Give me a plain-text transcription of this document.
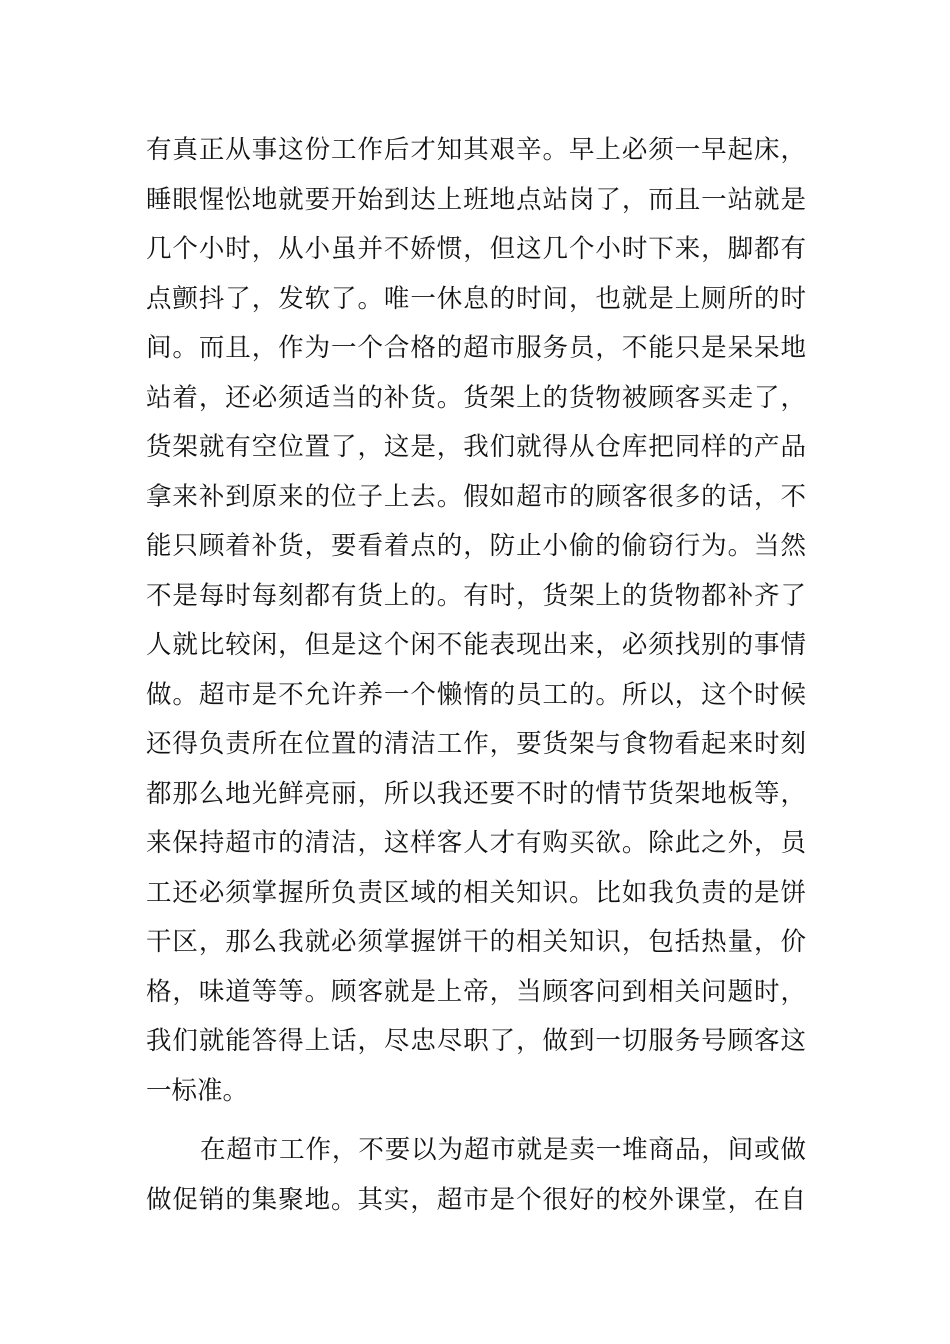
有真正从事这份工作后才知其艰辛。早上必须一早起床，
睡眼惺忪地就要开始到达上班地点站岗了，而且一站就是
几个小时，从小虽并不娇惯，但这几个小时下来，脚都有
点颤抖了，发软了。唯一休息的时间，也就是上厕所的时
间。而且，作为一个合格的超市服务员，不能只是呆呆地
站着，还必须适当的补货。货架上的货物被顾客买走了，
货架就有空位置了，这是，我们就得从仓库把同样的产品
拿来补到原来的位子上去。假如超市的顾客很多的话，不
能只顾着补货，要看着点的，防止小偷的偷窃行为。当然
不是每时每刻都有货上的。有时，货架上的货物都补齐了
人就比较闲，但是这个闲不能表现出来，必须找别的事情
做。超市是不允许养一个懒惰的员工的。所以，这个时候
还得负责所在位置的清洁工作，要货架与食物看起来时刻
都那么地光鲜亮丽，所以我还要不时的情节货架地板等，
来保持超市的清洁，这样客人才有购买欲。除此之外，员
工还必须掌握所负责区域的相关知识。比如我负责的是饼
干区，那么我就必须掌握饼干的相关知识，包括热量，价
格，味道等等。顾客就是上帝，当顾客问到相关问题时，
我们就能答得上话，尽忠尽职了，做到一切服务号顾客这
一标准。
在超市工作，不要以为超市就是卖一堆商品，间或做
做促销的集聚地。其实，超市是个很好的校外课堂，在自
